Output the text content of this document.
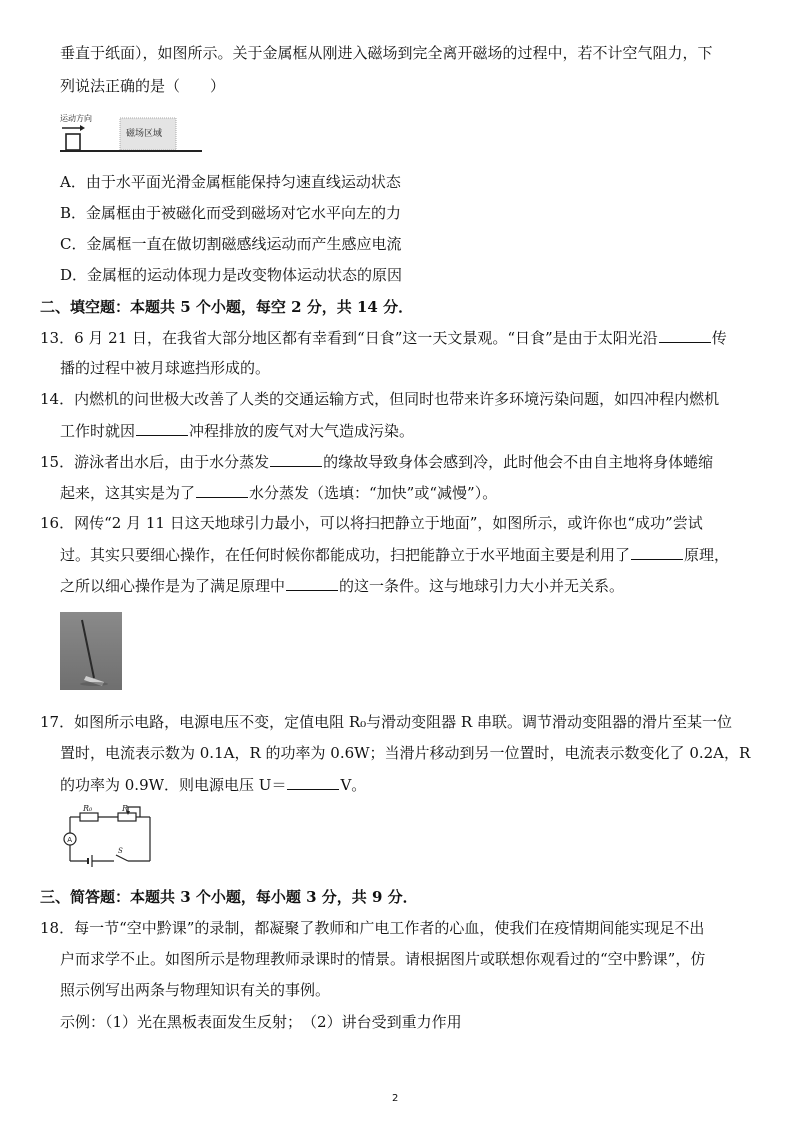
垂直于纸面），如图所示。关于金属框从刚进入磁场到完全离开磁场的过程中，若不计空气阻力，下
列说法正确的是（　　）
运动方向
磁场区域
A．由于水平面光滑金属框能保持匀速直线运动状态
B．金属框由于被磁化而受到磁场对它水平向左的力
C．金属框一直在做切割磁感线运动而产生感应电流
D．金属框的运动体现力是改变物体运动状态的原因
二、填空题：本题共 5 个小题，每空 2 分，共 14 分．
13．6 月 21 日，在我省大部分地区都有幸看到“日食”这一天文景观。“日食”是由于太阳光沿	传
播的过程中被月球遮挡形成的。
14．内燃机的问世极大改善了人类的交通运输方式，但同时也带来许多环境污染问题，如四冲程内燃机
工作时就因	冲程排放的废气对大气造成污染。
15．游泳者出水后，由于水分蒸发	的缘故导致身体会感到冷，此时他会不由自主地将身体蜷缩
起来，这其实是为了	水分蒸发（选填：“加快”或“减慢”）。
16．网传“2 月 11 日这天地球引力最小，可以将扫把静立于地面”，如图所示，或许你也“成功”尝试
过。其实只要细心操作，在任何时候你都能成功，扫把能静立于水平地面主要是利用了	原理，
之所以细心操作是为了满足原理中	的这一条件。这与地球引力大小并无关系。
17．如图所示电路，电源电压不变，定值电阻 R₀与滑动变阻器 R 串联。调节滑动变阻器的滑片至某一位
置时，电流表示数为 0.1A，R 的功率为 0.6W；当滑片移动到另一位置时，电流表示数变化了 0.2A，R
的功率为 0.9W．则电源电压 U＝	V。
R₀	R
A
S
三、简答题：本题共 3 个小题，每小题 3 分，共 9 分．
18．每一节“空中黔课”的录制，都凝聚了教师和广电工作者的心血，使我们在疫情期间能实现足不出
户而求学不止。如图所示是物理教师录课时的情景。请根据图片或联想你观看过的“空中黔课”，仿
照示例写出两条与物理知识有关的事例。
示例：（1）光在黑板表面发生反射；　（2）讲台受到重力作用
2
